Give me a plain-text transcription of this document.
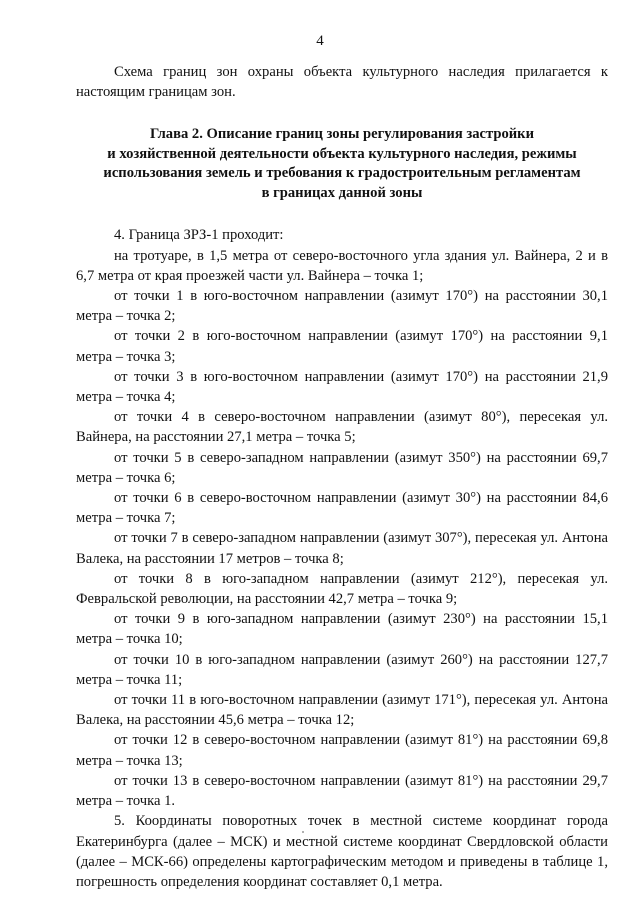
4

Схема границ зон охраны объекта культурного наследия прилагается к настоящим границам зон.

Глава 2. Описание границ зоны регулирования застройки
и хозяйственной деятельности объекта культурного наследия, режимы
использования земель и требования к градостроительным регламентам
в границах данной зоны

4. Граница ЗРЗ-1 проходит:

на тротуаре, в 1,5 метра от северо-восточного угла здания ул. Вайнера, 2 и в 6,7 метра от края проезжей части ул. Вайнера – точка 1;

от точки 1 в юго-восточном направлении (азимут 170°) на расстоянии 30,1 метра – точка 2;

от точки 2 в юго-восточном направлении (азимут 170°) на расстоянии 9,1 метра – точка 3;

от точки 3 в юго-восточном направлении (азимут 170°) на расстоянии 21,9 метра – точка 4;

от точки 4 в северо-восточном направлении (азимут 80°), пересекая ул. Вайнера, на расстоянии 27,1 метра – точка 5;

от точки 5 в северо-западном направлении (азимут 350°) на расстоянии 69,7 метра – точка 6;

от точки 6 в северо-восточном направлении (азимут 30°) на расстоянии 84,6 метра – точка 7;

от точки 7 в северо-западном направлении (азимут 307°), пересекая ул. Антона Валека, на расстоянии 17 метров – точка 8;

от точки 8 в юго-западном направлении (азимут 212°), пересекая ул. Февральской революции, на расстоянии 42,7 метра – точка 9;

от точки 9 в юго-западном направлении (азимут 230°) на расстоянии 15,1 метра – точка 10;

от точки 10 в юго-западном направлении (азимут 260°) на расстоянии 127,7 метра – точка 11;

от точки 11 в юго-восточном направлении (азимут 171°), пересекая ул. Антона Валека, на расстоянии 45,6 метра – точка 12;

от точки 12 в северо-восточном направлении (азимут 81°) на расстоянии 69,8 метра – точка 13;

от точки 13 в северо-восточном направлении (азимут 81°) на расстоянии 29,7 метра – точка 1.

5. Координаты поворотных точек в местной системе координат города Екатеринбурга (далее – МСК) и местной системе координат Свердловской области (далее – МСК-66) определены картографическим методом и приведены в таблице 1, погрешность определения координат составляет 0,1 метра.
